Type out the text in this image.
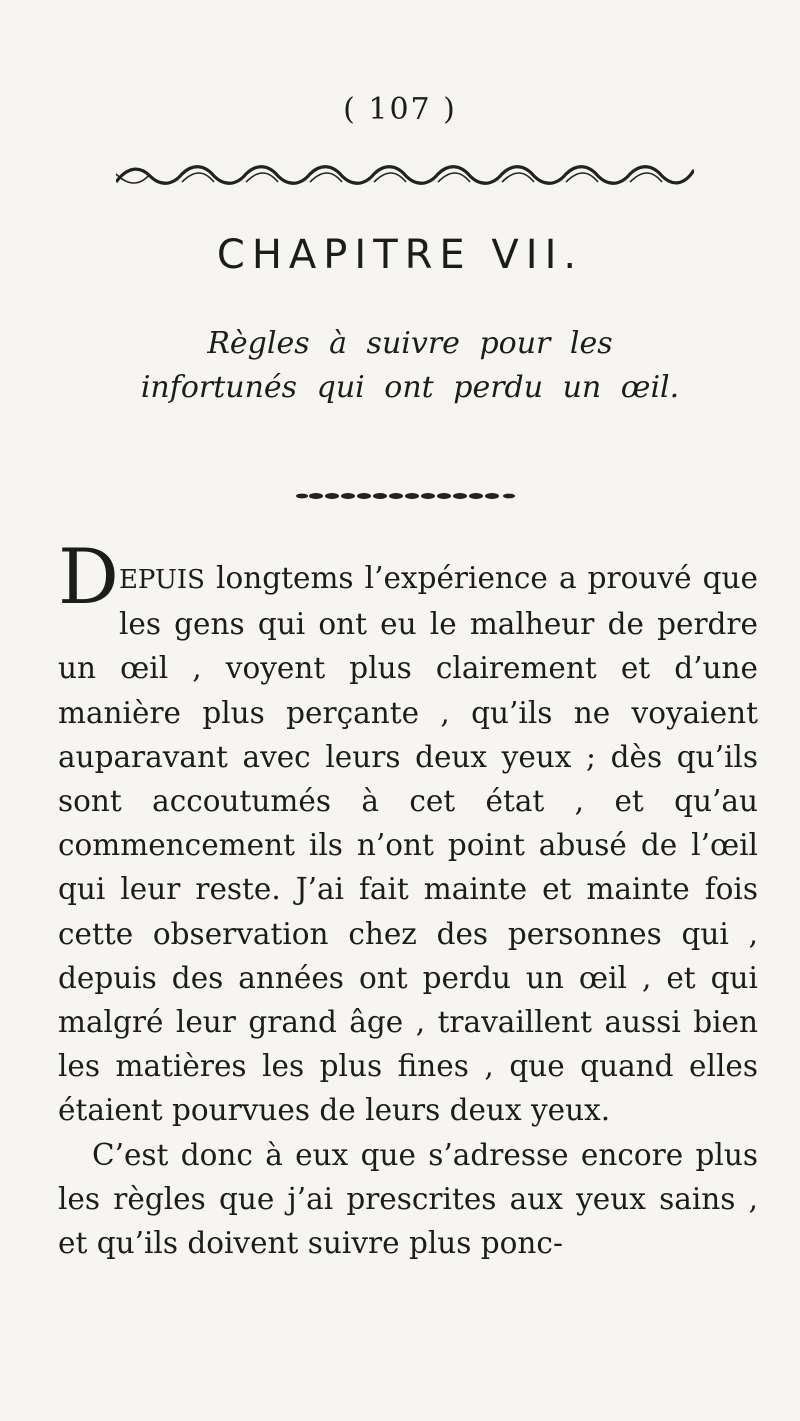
( 107 )
CHAPITRE VII.
Règles à suivre pour les infortunés qui ont perdu un œil.

DEPUIS longtems l’expérience a prouvé que les gens qui ont eu le malheur de perdre un œil , voyent plus clairement et d’une manière plus perçante , qu’ils ne voyaient auparavant avec leurs deux yeux ; dès qu’ils sont accoutumés à cet état , et qu’au commencement ils n’ont point abusé de l’œil qui leur reste. J’ai fait mainte et mainte fois cette observation chez des personnes qui , depuis des années ont perdu un œil , et qui malgré leur grand âge , travaillent aussi bien les matières les plus fines , que quand elles étaient pourvues de leurs deux yeux.

C’est donc à eux que s’adresse encore plus les règles que j’ai prescrites aux yeux sains , et qu’ils doivent suivre plus ponc-
